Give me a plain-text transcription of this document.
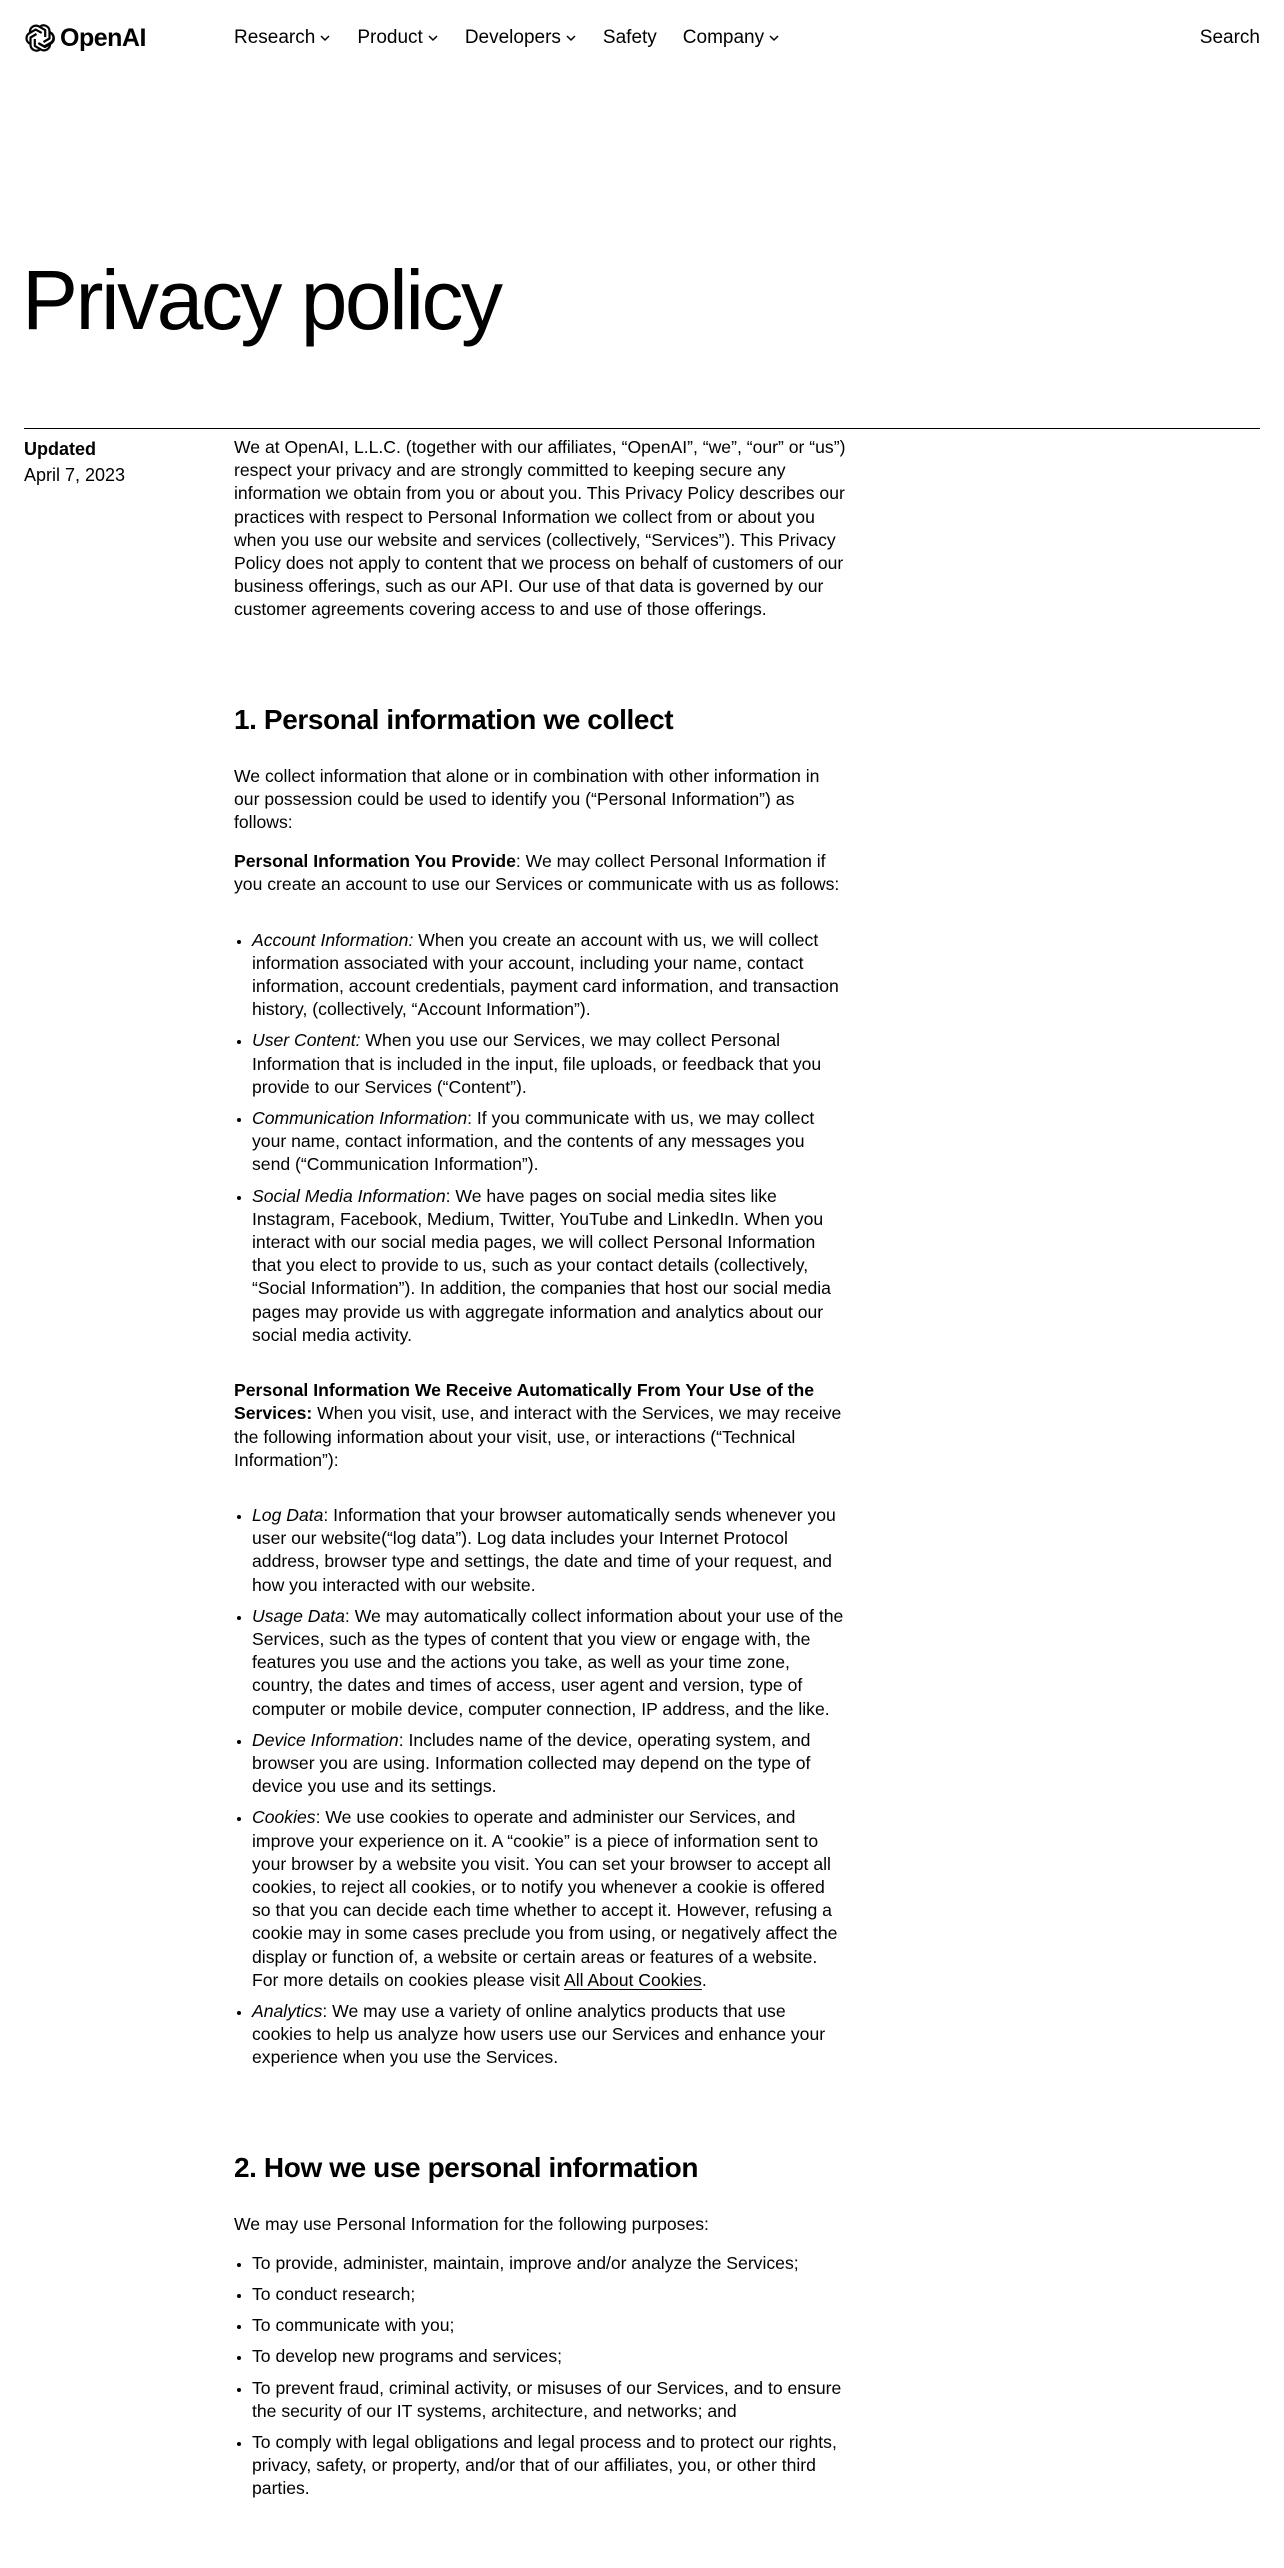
OpenAI	Research Product Developers Safety Company	Search
Privacy policy
Updated
April 7, 2023

We at OpenAI, L.L.C. (together with our affiliates, “OpenAI”, “we”, “our” or “us”) respect your privacy and are strongly committed to keeping secure any information we obtain from you or about you. This Privacy Policy describes our practices with respect to Personal Information we collect from or about you when you use our website and services (collectively, “Services”). This Privacy Policy does not apply to content that we process on behalf of customers of our business offerings, such as our API. Our use of that data is governed by our customer agreements covering access to and use of those offerings.

1. Personal information we collect

We collect information that alone or in combination with other information in our possession could be used to identify you (“Personal Information”) as follows:

Personal Information You Provide: We may collect Personal Information if you create an account to use our Services or communicate with us as follows:

• Account Information: When you create an account with us, we will collect information associated with your account, including your name, contact information, account credentials, payment card information, and transaction history, (collectively, “Account Information”).
• User Content: When you use our Services, we may collect Personal Information that is included in the input, file uploads, or feedback that you provide to our Services (“Content”).
• Communication Information: If you communicate with us, we may collect your name, contact information, and the contents of any messages you send (“Communication Information”).
• Social Media Information: We have pages on social media sites like Instagram, Facebook, Medium, Twitter, YouTube and LinkedIn. When you interact with our social media pages, we will collect Personal Information that you elect to provide to us, such as your contact details (collectively, “Social Information”). In addition, the companies that host our social media pages may provide us with aggregate information and analytics about our social media activity.

Personal Information We Receive Automatically From Your Use of the Services: When you visit, use, and interact with the Services, we may receive the following information about your visit, use, or interactions (“Technical Information”):

• Log Data: Information that your browser automatically sends whenever you user our website(“log data”). Log data includes your Internet Protocol address, browser type and settings, the date and time of your request, and how you interacted with our website.
• Usage Data: We may automatically collect information about your use of the Services, such as the types of content that you view or engage with, the features you use and the actions you take, as well as your time zone, country, the dates and times of access, user agent and version, type of computer or mobile device, computer connection, IP address, and the like.
• Device Information: Includes name of the device, operating system, and browser you are using. Information collected may depend on the type of device you use and its settings.
• Cookies: We use cookies to operate and administer our Services, and improve your experience on it. A “cookie” is a piece of information sent to your browser by a website you visit. You can set your browser to accept all cookies, to reject all cookies, or to notify you whenever a cookie is offered so that you can decide each time whether to accept it. However, refusing a cookie may in some cases preclude you from using, or negatively affect the display or function of, a website or certain areas or features of a website. For more details on cookies please visit All About Cookies.
• Analytics: We may use a variety of online analytics products that use cookies to help us analyze how users use our Services and enhance your experience when you use the Services.
2. How we use personal information

We may use Personal Information for the following purposes:

• To provide, administer, maintain, improve and/or analyze the Services;
• To conduct research;
• To communicate with you;
• To develop new programs and services;
• To prevent fraud, criminal activity, or misuses of our Services, and to ensure the security of our IT systems, architecture, and networks; and
• To comply with legal obligations and legal process and to protect our rights, privacy, safety, or property, and/or that of our affiliates, you, or other third parties.
